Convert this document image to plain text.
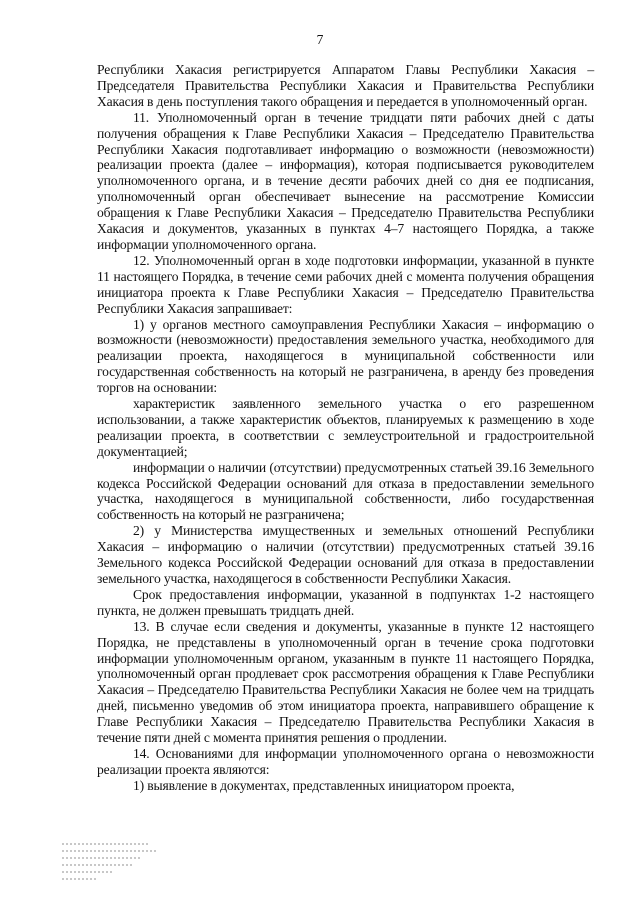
7

Республики Хакасия регистрируется Аппаратом Главы Республики Хакасия – Председателя Правительства Республики Хакасия и Правительства Республики Хакасия в день поступления такого обращения и передается в уполномоченный орган.

11. Уполномоченный орган в течение тридцати пяти рабочих дней с даты получения обращения к Главе Республики Хакасия – Председателю Правительства Республики Хакасия подготавливает информацию о возможности (невозможности) реализации проекта (далее – информация), которая подписывается руководителем уполномоченного органа, и в течение десяти рабочих дней со дня ее подписания, уполномоченный орган обеспечивает вынесение на рассмотрение Комиссии обращения к Главе Республики Хакасия – Председателю Правительства Республики Хакасия и документов, указанных в пунктах 4–7 настоящего Порядка, а также информации уполномоченного органа.

12. Уполномоченный орган в ходе подготовки информации, указанной в пункте 11 настоящего Порядка, в течение семи рабочих дней с момента получения обращения инициатора проекта к Главе Республики Хакасия – Председателю Правительства Республики Хакасия запрашивает:

1) у органов местного самоуправления Республики Хакасия – информацию о возможности (невозможности) предоставления земельного участка, необходимого для реализации проекта, находящегося в муниципальной собственности или государственная собственность на который не разграничена, в аренду без проведения торгов на основании:

характеристик заявленного земельного участка о его разрешенном использовании, а также характеристик объектов, планируемых к размещению в ходе реализации проекта, в соответствии с землеустроительной и градостроительной документацией;

информации о наличии (отсутствии) предусмотренных статьей 39.16 Земельного кодекса Российской Федерации оснований для отказа в предоставлении земельного участка, находящегося в муниципальной собственности, либо государственная собственность на который не разграничена;

2) у Министерства имущественных и земельных отношений Республики Хакасия – информацию о наличии (отсутствии) предусмотренных статьей 39.16 Земельного кодекса Российской Федерации оснований для отказа в предоставлении земельного участка, находящегося в собственности Республики Хакасия.

Срок предоставления информации, указанной в подпунктах 1-2 настоящего пункта, не должен превышать тридцать дней.

13. В случае если сведения и документы, указанные в пункте 12 настоящего Порядка, не представлены в уполномоченный орган в течение срока подготовки информации уполномоченным органом, указанным в пункте 11 настоящего Порядка, уполномоченный орган продлевает срок рассмотрения обращения к Главе Республики Хакасия – Председателю Правительства Республики Хакасия не более чем на тридцать дней, письменно уведомив об этом инициатора проекта, направившего обращение к Главе Республики Хакасия – Председателю Правительства Республики Хакасия в течение пяти дней с момента принятия решения о продлении.

14. Основаниями для информации уполномоченного органа о невозможности реализации проекта являются:

1) выявление в документах, представленных инициатором проекта,
